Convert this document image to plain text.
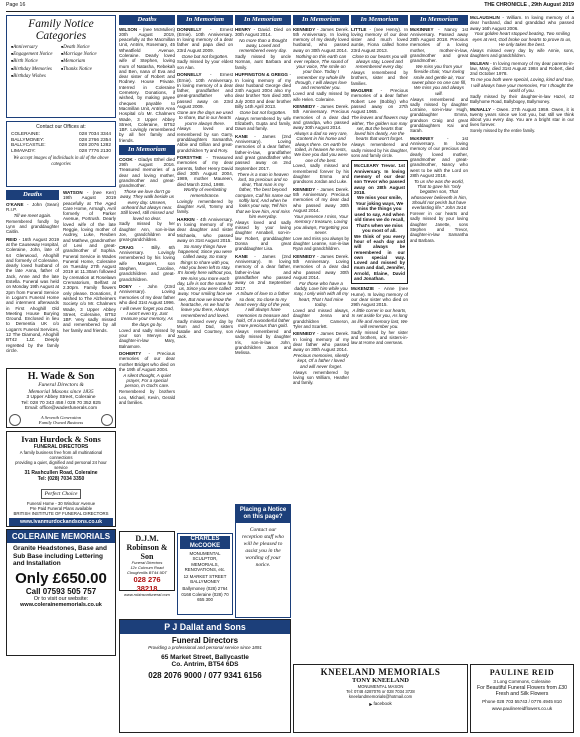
Page 16	THE CHRONICLE , 29th August 2019
Family Notice Categories
■ Anniversary	■ Death Notice
■ Engagement Notice	■ Marriage Notice
■ Birth Notice	■ Memoriam
■ Birthday Memories	■ Thanks Notice
■ Birthday Wishes
Contact our Offices at:
COLERAINE:	028 7034 3344
BALLYMONEY:	028 2766 2354
BALLYCASTLE:	028 2076 1282
LIMAVADY:	028 7776 2130
We accept images of individuals in all of the above categories
Deaths
O'KANE - John (Sean) R.I.P.
Till we meet again.
Remembered fondly by Lynn and granddaughter Caitlin.
REID - 16th August 2019 at the Causeway Hospital, Coleraine, John, late of 64 Glenwood, Ahoghill and formerly of Coleraine, dearly loved husband of the late Anna, father of Jack, Anne and the late Estella. Funeral was held on Monday 19th August at 2pm from Funeral Service in Logan's Funeral Home and interment afterwards in First Ahoghill Old Meeting House Burying Ground. Enclosed in lieu to Dementia UK c/o Logan's Funeral Services, 12 The Diamond, Ahoghill BT42 1JZ. Deeply regretted by the family circle.
WATSON - (nee Kerr) 19th August 2019 peacefully at The Aged Care Home, Armagh, Avril formerly of Parker Avenue, Portrush. Dearly loved wife of the late Reggie, loving mother of Audrey, Luke, Reuben and Mathew, grandmother of Levi and great-grandmother of Sophia. Funeral Service in Wades Funeral Home, Coleraine on Tuesday 27th August 2019 at 11.30am followed by cremation at Roselawn Crematorium, Belfast at 2.30pm. Family flowers only please. Donations, if wished to The Alzheimers Society c/o Mr. Chalmers Wade, 3 Upper Abbey Street, Coleraine, BT52 1BF. Very sadly missed and remembered by all her family and friends.
H. Wade & Son
Funeral Directors &
Memorial Masons since 1835
3 Upper Abbey Street, Coleraine
Tel: 028 70 343 458 / 028 70 352 825
Email: office@wadesfunerals.com
A Seventh Generation
Family Owned Business
Ivan Hurdock & Sons
FUNERAL DIRECTORS
A family business free from all multinational connections
providing a quiet, dignified and personal 24 hour service
31 Rashcullen Road, Coleraine
Tel: (028) 7034 3350
Perfect Choice
Funeral Home - 30 Windsor Avenue
Pre Paid Funeral Plans available
BRITISH INSTITUTE OF FUNERAL DIRECTORS
www.ivanmurdockandsons.co.uk
COLERAINE MEMORIALS
Granite Headstones, Base and Sub Base including Lettering and Installation
Only £650.00
Call 07593 505 757
Or to visit our website:
www.colerainememorials.co.uk
Deaths
WILSON - (nee McMullen) 20th August 2019, peacefully at the Macmillan Unit, Antrim, Rosemary, 45 Wheatfield Avenue, Coleraine. Dearly loved wife of Stephen, loving mum of Natasha, Rebekah and Ben, nana of Eva and dear sister of Robert and Rodney. House Private. Interred in Coleraine Cemetery. Donations, if wished, by making payee cheques payable to Macmillan Unit, Antrim Area Hospital c/o Mr. Chalmers Wade, 3 Upper Abbey Street, Coleraine, BT52 1BF. Lovingly remembered by all her family and friends.
In Memoriam
COOK - Gladys Ethel died 29th August 2016. Treasured memories of a dear and loving mother, grandmother and great-grandmother.
Those we love don't go away, They walk beside us every day. Unseen, unheard but always near. Still loved, still missed and loved so dear.
Sadly missed by her daughter Ann, son-in-law Joe, grandchildren and great-grandchildren.
CRAIG - Billy. 6th Anniversary. Lovingly remembered by his loving wife Margaret, son Stephen, Caroline, grandchildren and great-grandchildren.
DOEY - John (23rd Anniversary). Loving memories of my dear father who died 31st August 1996.
I will never forget you Dad, I won't even try, Just treasure your memory, As the days go by.
Loved and sadly missed by your son Mervyn and daughter-in-law Mary, Balnamore.
DOHERTY - Precious memories of our dear mother Bridget who died on the 19th of August 2004.
A silent thought, A quiet prayer, For a special person, In God's care.
Remembered by brothers Leo, Michael, Kevin, Gerald and families.
In Memoriam
DONNELLY - Ernest (Ernie). 10th Anniversary. In loving memory of a dear father and papa died on 23rd August 2009.
Gone but not forgotten.
Sadly missed by your eldest son Alan.
DONNELLY - Ernest (Ernie). 10th Anniversary. In loving memory of a dear father, grandfather and great-grandfather who passed away on 23rd August 2009.
Gone are the days we used to share, But in our hearts you're always there.
Always loved and remembered by son Garry, granddaughters Samantha, Abbie and Gillian and great-grandchildren Ty and Rory.
FORSYTHE - Treasured memories of my dear parents, father Henry David died 30th August 2004, 1989, mother Maureen, died March 22nd, 1988.
Worthy of everlasting remembrance.
Lovingly remembered by daughter Avril, Tommy and family.
HARKIN - 4th Anniversary. In loving memory of my dear daughter and sister Michaela, who passed away on 31st August 2015.
So many things have happened, Since you were called away, So many things to share with you, Had you been left to stay. It's lonely here without you, We miss you more each day, Life is not the same for us, Since you were called away. Your smiling face we see, But now we know the heartache, As we had to leave you there, Always remembered and loved.
Sadly missed every day by Mum and Dad, sisters Natalie and Courtney, son Jack.
D.J.M. Robinson & Son
Funeral Directors
12c Culcrum Road Cloughmills BT44 9DT
028 276 38218
www.robinsonfuneral.com
CHARLES McCOOKE
MONUMENTAL SCULPTOR, MEMORIALS, RENOVATIONS, etc.
12 MARKET STREET BALLYMONEY
Ballymoney (028) 2764 0168 Coleraine (028) 70 655 300
In Memoriam
HENRY - David. Died on 30th August 2014.
No more than a thought away, Loved and remembered every day.
Sadly missed by uncle Norman, aunt Barbara and family.
HUFFINGTON & GREGG - In loving memory of my dear husband George died 24th August 2004 also my dear brother Tom died 30th July 2003 and dear brother Billy 14th April 2013.
Gone but not forgotten.
Always remembered by wife Elizabeth, Gupta and family, Dawn and family.
KANE - James (2nd Anniversary). Loving memories of a dear father, father-in-law, grandfather and great grandfather who passed away on 2nd September 2017.
There is a man in heaven lord, So precious and so dear, That man is my father, The best beyond compare, Call his name out softly lord, And when he looks your way, Tell him that we love him, And miss him everyday.
Always loved and sadly missed by your loving daughter Annabell, son-in-law Robert, granddaughter Donna and great granddaughter Lisa.
KANE - James (2nd Anniversary). In loving memory of a dear father, father-in-law and grandfather who passed away on 2nd September 2017.
A tribute of love to a father so dear, So close to my heart every day of the year, I will always have memories to treasure and hold, Of a wonderful father more precious than gold.
Always remembered and sadly missed by daughter Iris, son-in-law John, grandchildren Jason and Melissa.
Placing a Notice on this page?
Contact our reception staff who will be pleased to assist you in the wording of your notice.
In Memoriam
KENNEDY - James Derek. 5th Anniversary. In loving memory of my dearly loved husband, who passed away on 30th August 2014.
Nothing on this earth can ever replace, The sound of your voice, The smile on your face. Today I remember my whole life through, I will always love and remember you.
Loved and sadly missed by wife Helen. Coleraine.
KENNEDY - James Derek. 5th Anniversary. Precious memories of a dear dad and grandpa, who passed away 30th August 2014.
Always a dad so very rare, Content in his home and always there. On earth he toiled, in heaven he rests, We love you dad you were one of the best.
Loved, sadly missed and remembered forever by his daughter Emma and grandsons Jordan and Luke.
KENNEDY - James Derek. 5th Anniversary. Precious memories of my dear dad who passed away 30th August 2014.
Your presence I miss, Your memory I treasure, Loving you always, Forgetting you never.
Love and miss you always by daughter Leanne, son-in-law Ryan and grandchildren.
KENNEDY - James Derek. 5th Anniversary. Loving memories of a dear dad who passed away 30th August 2014.
For those who have a daddy, Love him while you may, I only wish with all my heart, That I had mine today.
Loved and missed always, daughter Jenna and grandchildren Cameron, Tyler and Scarlett.
KENNEDY - James Derek. In loving memory of my dear father who passed away on 30th August 2014.
Precious memories, silently kept, Of a father I loved and will never forget.
Always remembered by loving son William, Heather and family.
In Memoriam
LITTLE - (nee Henry). In loving memory of our dear sister and much loved auntie, Fiona called home 23rd August 2013.
Close to our hearts you will always stay, Loved and remembered every day.
Always remembered by brothers, sister and their families.
MAGUIRE - Precious memories of a dear father Robert Lee (Bobby) who passed away on 27th August 1965.
The leaves and flowers may wither, The golden sun may set, But the hearts that loved him dearly, Are the hearts that won't forget.
Always remembered and sadly missed by his daughter, sons and family circle.
McCLEARY Trevor. 1st Anniversary. In loving memory of our dear son Trevor who passed away on 28th August 2018.
We miss your smile, Your joking ways, We miss the things you used to say, And when old times we do recall, That's when we miss you most of all.
We think of you every hour of each day and will always be remembered in our own special way. Loved and missed by mum and dad, Jennifer, Arnold, Elaine, David and Jonathan.
McKENZIE - Anne (nee Hume). In loving memory of our dear sister who died on 29th August 2015.
A little corner in our hearts, Is set aside for you, As long as life and memory last, We will remember you.
Sadly missed by her sister and brothers, and sisters-in-law at Home and overseas.
In Memoriam
McKINNEY - Nancy 1st Anniversary. Passed away 28th August 2018. Precious memories of a loving mother, mother-in-law, grandmother and great grandmother.
We miss you from your fireside chair, Your loving smile and gentle air, Your sweet place no one can fill, We miss you and always will.
Always remembered and sadly missed by daughter Lorraine, son-in-law Hugh, granddaughter Emma, grandson Craig and great granddaughters Kai and Sarah.
McKINNEY - 1st Anniversary. In loving memory of our precious and dearly loved mother, grandmother and great-grandmother, Nancy who went to be with the Lord on 28th August 2018.
To us she was the world, That to gave his "only begotten son, That whosoever believeth in him, Should not perish but have everlasting life." John 3v16
Forever in our hearts and sadly missed by your loving daughter Janette, sons Stephen and Trevor, daughter-in-law Samantha and Barbara.
McLAUGHLIN - William. In loving memory of a dear husband, dad and granddad who passed away 16th August 2006.
Your golden heart stopped beating, Two smiling eyes at rest, God broke our hearts to prove to us, He only takes the best.
Always missed every day by wife Annie, sons, daughters and grandchildren.
McLEAN - In loving memory of my dear parents-in-law, Mary, died 31st August 1984 and Robert, died 2nd October 1978.
To me you both were special, Loving, kind and true, I will always have your memories, For I thought the world of you.
Sadly missed by their daughter-in-law Hazel, 42 Ballyhome Road, Ballybogey, Ballymoney.
McNALLY - Owen. 27th August 1959. Owen, it is twenty years since we lost you, but still we think about you every day. You are a bright star in our lives forever.
Sorely missed by the entire family.
P J Dallat and Sons
Funeral Directors
Providing a professional and personal service since 1891
65 Market Street, Ballycastle
Co. Antrim, BT54 6DS
028 2076 9000 / 077 9341 6156	KNEELAND MEMORIALS
TONY KNEELAND
MONUMENTAL MASON
Tel: 0748 4287076 or 028 7034 3728
kneelandmemorials@hotmail.com
▶ facebook
PAULINE REID
3 Long Commons, Coleraine
For Beautiful Funeral Flowers from £30
Fresh and Silk Flowers
Phone 028 703 55743 / 0776 4945 810
www.paulinereidflowers.co.uk
